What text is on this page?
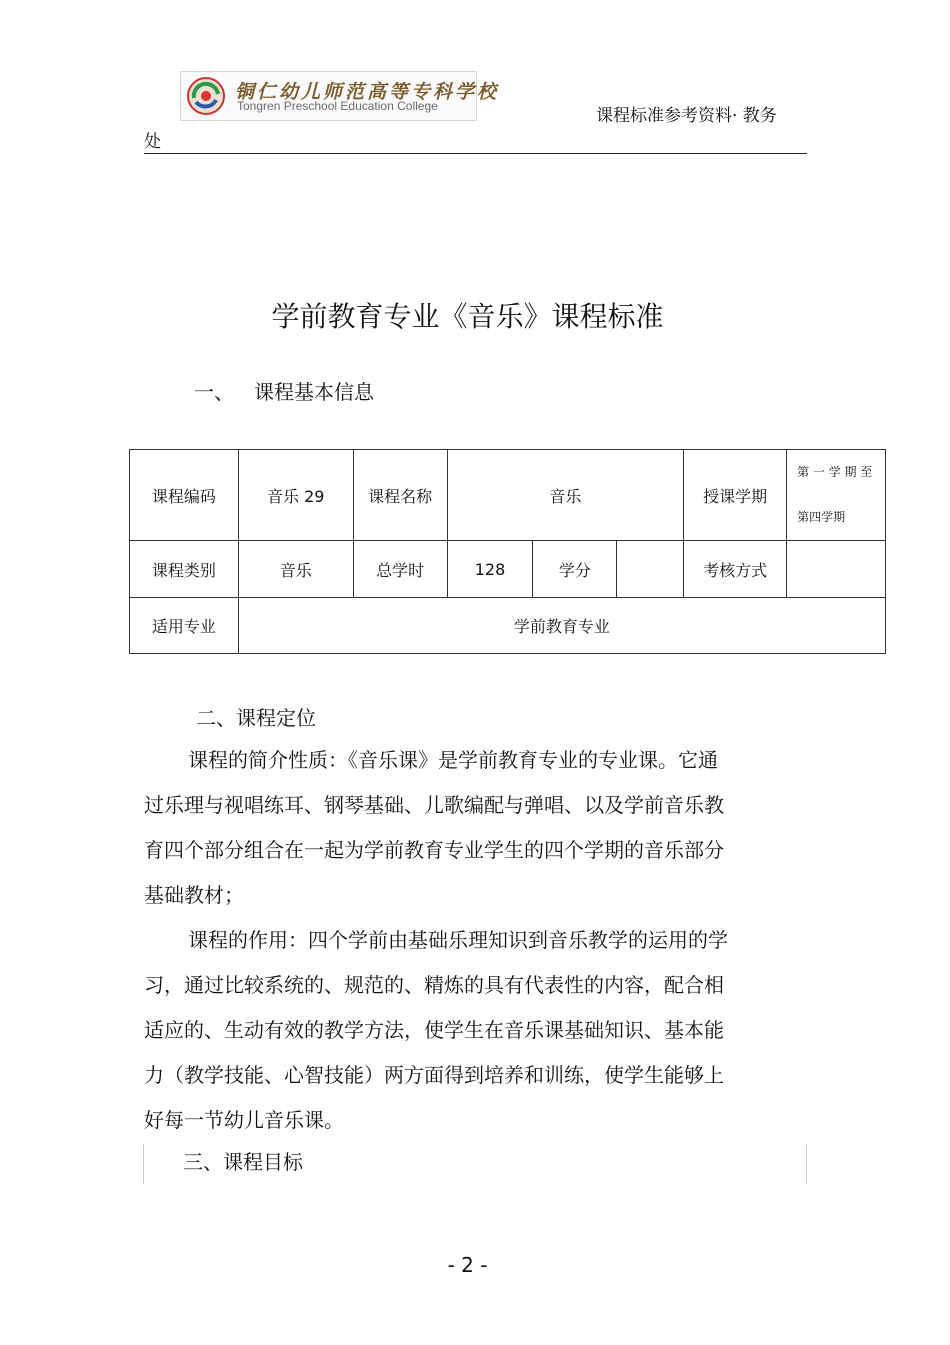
铜仁幼儿师范高等专科学校
Tongren Preschool Education College	课程标准参考资料· 教务
处
学前教育专业《音乐》课程标准
一、 课程基本信息
课程编码	音乐 29	课程名称	音乐			授课学期	第 一 学 期 至
第四学期

课程类别	音乐	总学时	128	学分		考核方式	
适用专业	学前教育专业						
二、课程定位
课程的简介性质：《音乐课》是学前教育专业的专业课。它通
过乐理与视唱练耳、钢琴基础、儿歌编配与弹唱、以及学前音乐教
育四个部分组合在一起为学前教育专业学生的四个学期的音乐部分
基础教材；
课程的作用：四个学前由基础乐理知识到音乐教学的运用的学
习，通过比较系统的、规范的、精炼的具有代表性的内容，配合相
适应的、生动有效的教学方法，使学生在音乐课基础知识、基本能
力（教学技能、心智技能）两方面得到培养和训练，使学生能够上
好每一节幼儿音乐课。
三、课程目标
- 2 -
